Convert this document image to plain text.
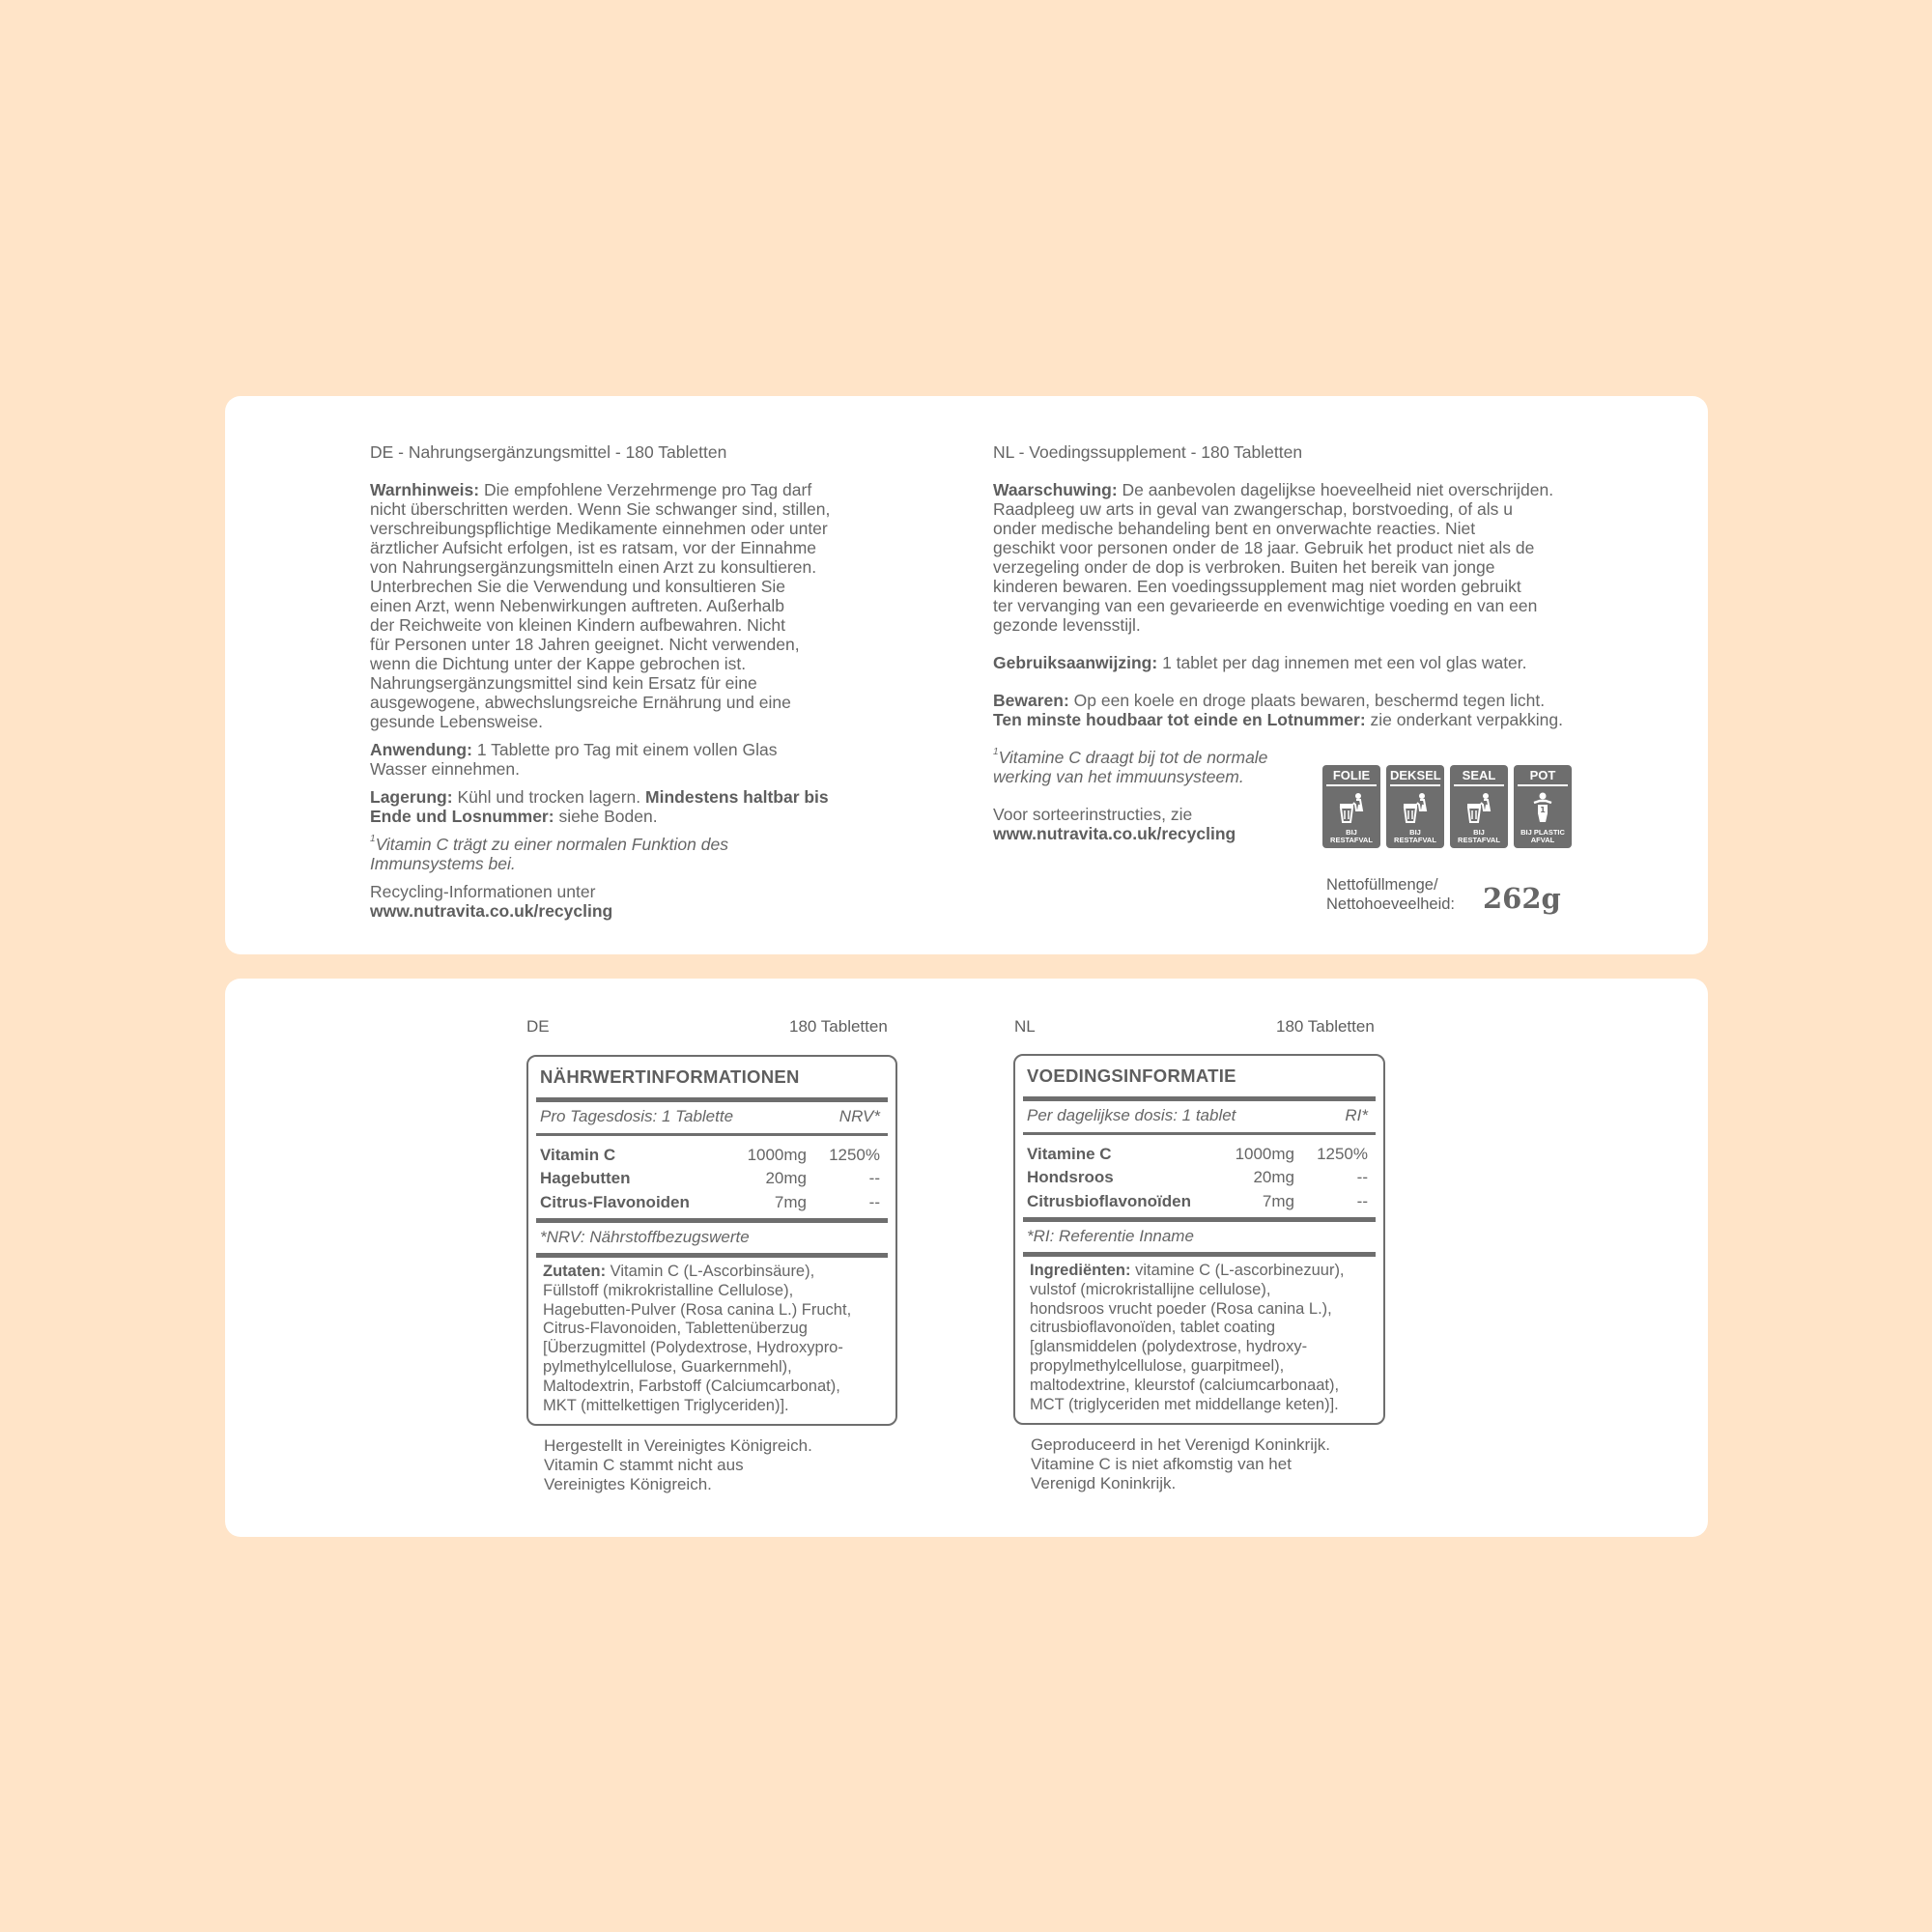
DE - Nahrungsergänzungsmittel - 180 Tabletten
Warnhinweis: Die empfohlene Verzehrmenge pro Tag darf
nicht überschritten werden. Wenn Sie schwanger sind, stillen,
verschreibungspflichtige Medikamente einnehmen oder unter
ärztlicher Aufsicht erfolgen, ist es ratsam, vor der Einnahme
von Nahrungsergänzungsmitteln einen Arzt zu konsultieren.
Unterbrechen Sie die Verwendung und konsultieren Sie
einen Arzt, wenn Nebenwirkungen auftreten. Außerhalb
der Reichweite von kleinen Kindern aufbewahren. Nicht
für Personen unter 18 Jahren geeignet. Nicht verwenden,
wenn die Dichtung unter der Kappe gebrochen ist.
Nahrungsergänzungsmittel sind kein Ersatz für eine
ausgewogene, abwechslungsreiche Ernährung und eine
gesunde Lebensweise.
Anwendung: 1 Tablette pro Tag mit einem vollen Glas
Wasser einnehmen.
Lagerung: Kühl und trocken lagern. Mindestens haltbar bis
Ende und Losnummer: siehe Boden.
$^1$Vitamin C trägt zu einer normalen Funktion des
Immunsystems bei.
Recycling-Informationen unter
www.nutravita.co.uk/recycling
NL - Voedingssupplement - 180 Tabletten
Waarschuwing: De aanbevolen dagelijkse hoeveelheid niet overschrijden.
Raadpleeg uw arts in geval van zwangerschap, borstvoeding, of als u
onder medische behandeling bent en onverwachte reacties. Niet
geschikt voor personen onder de 18 jaar. Gebruik het product niet als de
verzegeling onder de dop is verbroken. Buiten het bereik van jonge
kinderen bewaren. Een voedingssupplement mag niet worden gebruikt
ter vervanging van een gevarieerde en evenwichtige voeding en van een
gezonde levensstijl.
Gebruiksaanwijzing: 1 tablet per dag innemen met een vol glas water.
Bewaren: Op een koele en droge plaats bewaren, beschermd tegen licht.
Ten minste houdbaar tot einde en Lotnummer: zie onderkant verpakking.
$^1$Vitamine C draagt bij tot de normale
werking van het immuunsysteem.
Voor sorteerinstructies, zie
www.nutravita.co.uk/recycling
FOLIE
BIJ
RESTAFVAL
DEKSEL
BIJ
RESTAFVAL
SEAL
BIJ
RESTAFVAL
POT
1
BIJ PLASTIC
AFVAL
Nettofüllmenge/
Nettohoeveelheid: 262g
DE	180 Tabletten
NÄHRWERTINFORMATIONEN
Pro Tagesdosis: 1 Tablette	NRV*
Vitamin C	1000mg 1250%
Hagebutten	20mg	--
Citrus-Flavonoiden	7mg	--
*NRV: Nährstoffbezugswerte
Zutaten: Vitamin C (L-Ascorbinsäure),
Füllstoff (mikrokristalline Cellulose),
Hagebutten-Pulver (Rosa canina L.) Frucht,
Citrus-Flavonoiden, Tablettenüberzug
[Überzugmittel (Polydextrose, Hydroxypro-
pylmethylcellulose, Guarkernmehl),
Maltodextrin, Farbstoff (Calciumcarbonat),
MKT (mittelkettigen Triglyceriden)].
Hergestellt in Vereinigtes Königreich.
Vitamin C stammt nicht aus
Vereinigtes Königreich.
NL	180 Tabletten
VOEDINGSINFORMATIE
Per dagelijkse dosis: 1 tablet	RI*
Vitamine C	1000mg 1250%
Hondsroos	20mg	--
Citrusbioflavonoïden	7mg	--
*RI: Referentie Inname
Ingrediënten: vitamine C (L-ascorbinezuur),
vulstof (microkristallijne cellulose),
hondsroos vrucht poeder (Rosa canina L.),
citrusbioflavonoïden, tablet coating
[glansmiddelen (polydextrose, hydroxy-
propylmethylcellulose, guarpitmeel),
maltodextrine, kleurstof (calciumcarbonaat),
MCT (triglyceriden met middellange keten)].
Geproduceerd in het Verenigd Koninkrijk.
Vitamine C is niet afkomstig van het
Verenigd Koninkrijk.
